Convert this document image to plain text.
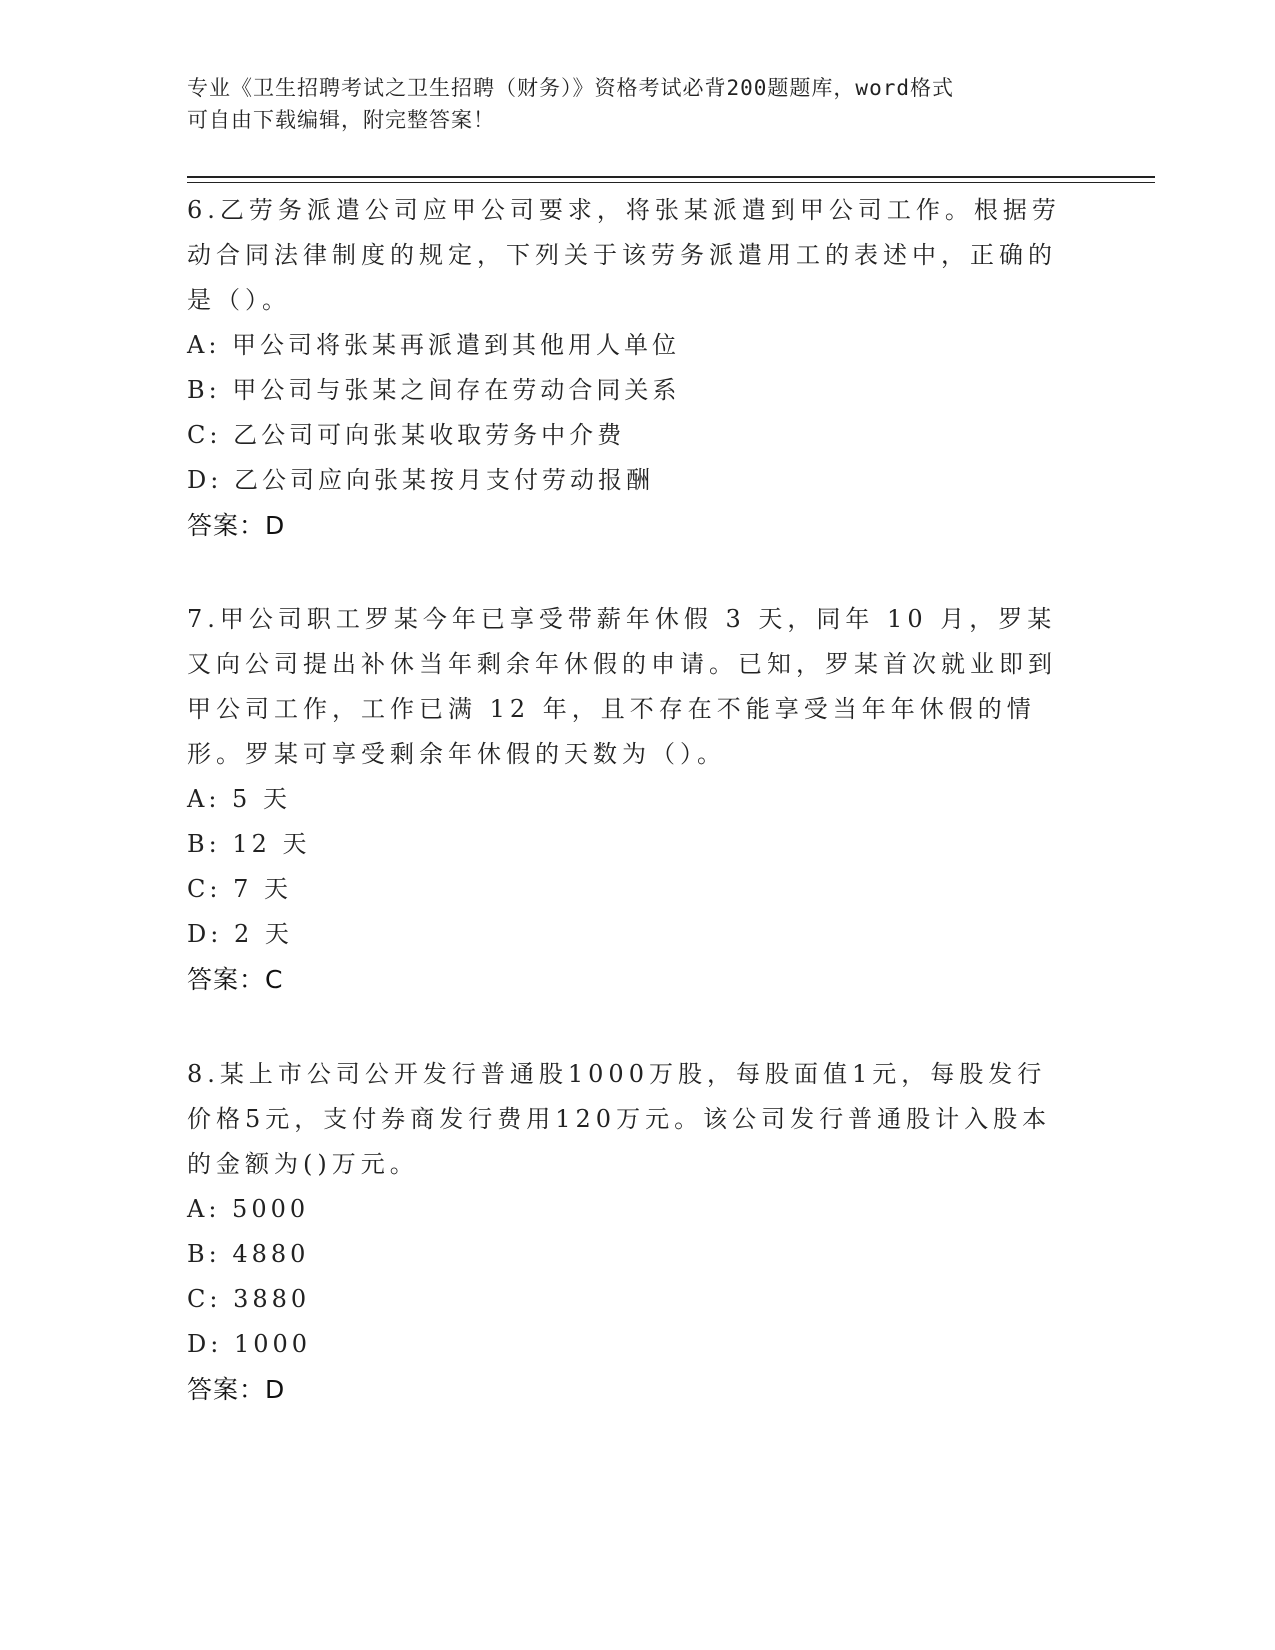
专业《卫生招聘考试之卫生招聘（财务）》资格考试必背200题题库，word格式
可自由下载编辑，附完整答案！

6.乙劳务派遣公司应甲公司要求，将张某派遣到甲公司工作。根据劳动合同法律制度的规定，下列关于该劳务派遣用工的表述中，正确的是（）。

A: 甲公司将张某再派遣到其他用人单位
B: 甲公司与张某之间存在劳动合同关系
C: 乙公司可向张某收取劳务中介费
D: 乙公司应向张某按月支付劳动报酬
答案：D

7.甲公司职工罗某今年已享受带薪年休假 3 天，同年 10 月，罗某又向公司提出补休当年剩余年休假的申请。已知，罗某首次就业即到甲公司工作，工作已满 12 年，且不存在不能享受当年年休假的情形。罗某可享受剩余年休假的天数为（）。

A: 5 天
B: 12 天
C: 7 天
D: 2 天
答案：C

8.某上市公司公开发行普通股1000万股，每股面值1元，每股发行价格5元，支付券商发行费用120万元。该公司发行普通股计入股本的金额为()万元。

A: 5000
B: 4880
C: 3880
D: 1000
答案：D
